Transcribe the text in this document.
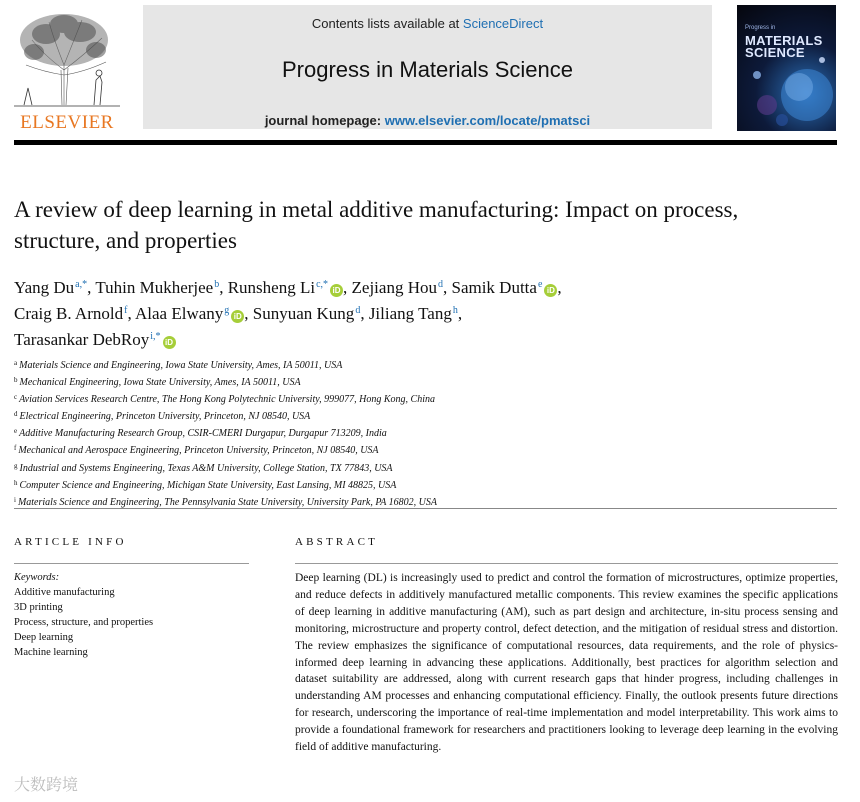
ELSEVIER
Contents lists available at ScienceDirect
Progress in Materials Science
journal homepage: www.elsevier.com/locate/pmatsci
Progress in
MATERIALS SCIENCE
A review of deep learning in metal additive manufacturing: Impact on process, structure, and properties
Yang $Du^{a,*}$, Tuhin Mukherjee$^b$, Runsheng $Li^{c,*}iD$ , Zejiang Hou$^d$, Samik Dutta$^e$iD ,
Craig B. Arnold$^f$, Alaa Elwany$^g$iD , Sunyuan Kung$^d$, Jiliang Tang$^h$,
Tarasankar DebRoy$^{i,*}$iD
$^a$ Materials Science and Engineering, Iowa State University, Ames, IA 50011, USA
$^b$ Mechanical Engineering, Iowa State University, Ames, IA 50011, USA
$^c$ Aviation Services Research Centre, The Hong Kong Polytechnic University, 999077, Hong Kong, China
$^d$ Electrical Engineering, Princeton University, Princeton, NJ 08540, USA
$^e$ Additive Manufacturing Research Group, CSIR-CMERI Durgapur, Durgapur 713209, India
$^f$ Mechanical and Aerospace Engineering, Princeton University, Princeton, NJ 08540, USA
$^g$ Industrial and Systems Engineering, Texas A&M University, College Station, TX 77843, USA
$^h$ Computer Science and Engineering, Michigan State University, East Lansing, MI 48825, USA
$^i$ Materials Science and Engineering, The Pennsylvania State University, University Park, PA 16802, USA
ARTICLE INFO	ABSTRACT
Keywords:
Additive manufacturing
3D printing
Process, structure, and properties
Deep learning
Machine learning
Deep learning (DL) is increasingly used to predict and control the formation of microstructures, optimize properties, and reduce defects in additively manufactured metallic components. This review examines the specific applications of deep learning in additive manufacturing (AM), such as part design and architecture, in-situ process sensing and monitoring, microstructure and property control, defect detection, and the mitigation of residual stress and distortion. The review emphasizes the significance of computational resources, data requirements, and the role of physics-informed deep learning in advancing these applications. Additionally, best practices for algorithm selection and dataset suitability are addressed, along with current research gaps that hinder progress, including challenges in understanding AM processes and enhancing computational efficiency. Finally, the outlook presents future directions for research, underscoring the importance of real-time implementation and model interpretability. This work aims to provide a foundational framework for researchers and practitioners looking to leverage deep learning in the evolving field of additive manufacturing.
大数跨境
